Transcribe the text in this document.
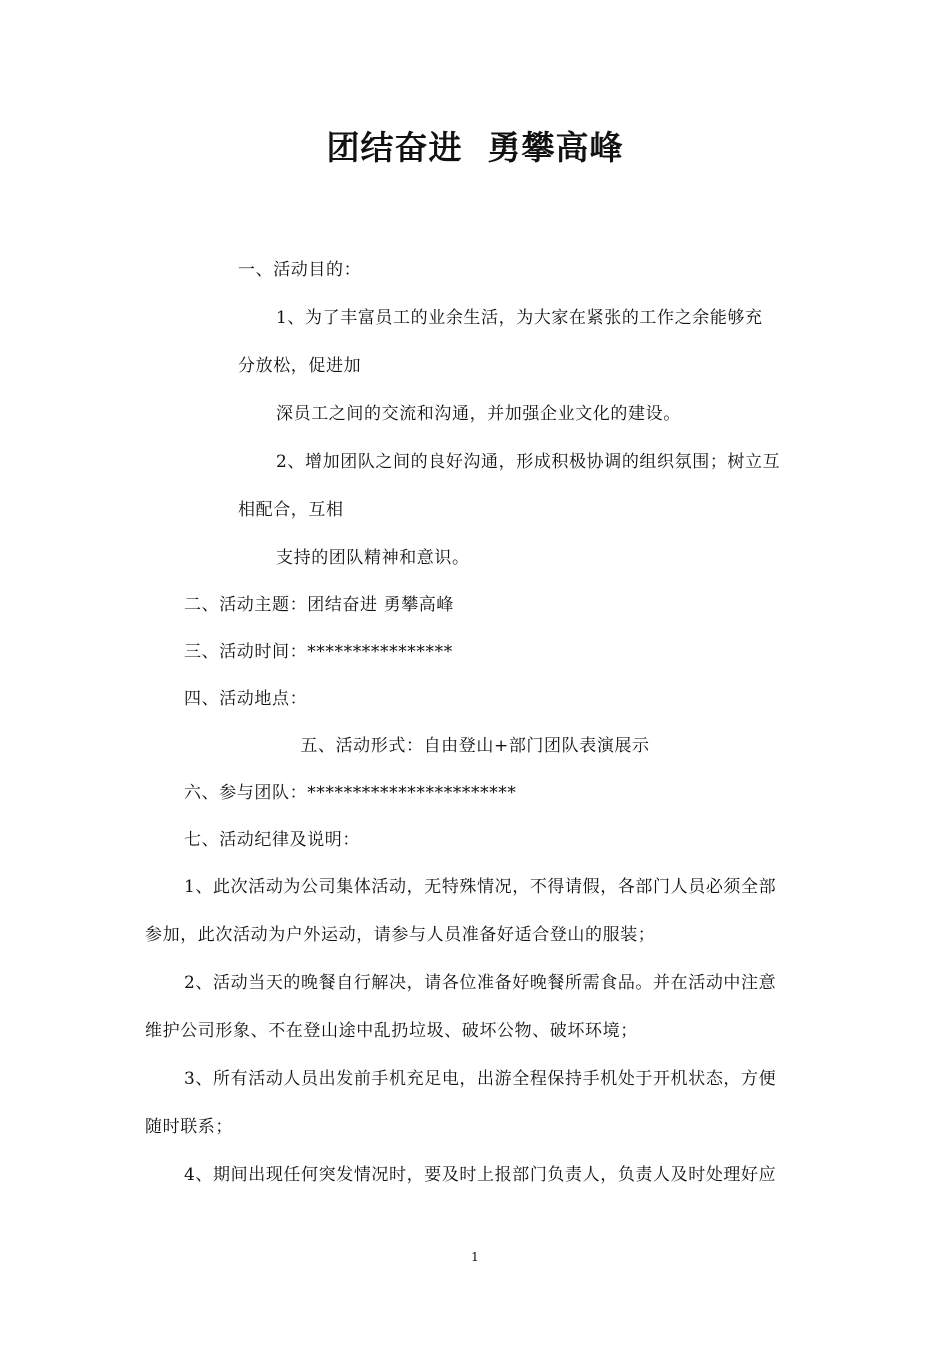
团结奋进  勇攀高峰
一、活动目的：
1、为了丰富员工的业余生活，为大家在紧张的工作之余能够充
分放松，促进加
深员工之间的交流和沟通，并加强企业文化的建设。
2、增加团队之间的良好沟通，形成积极协调的组织氛围；树立互
相配合，互相
支持的团队精神和意识。
二、活动主题：团结奋进 勇攀高峰
三、活动时间：****************
四、活动地点：
五、活动形式：自由登山+部门团队表演展示
六、参与团队：***********************
七、活动纪律及说明：
1、此次活动为公司集体活动，无特殊情况，不得请假，各部门人员必须全部
参加，此次活动为户外运动，请参与人员准备好适合登山的服装；
2、活动当天的晚餐自行解决，请各位准备好晚餐所需食品。并在活动中注意
维护公司形象、不在登山途中乱扔垃圾、破坏公物、破坏环境；
3、所有活动人员出发前手机充足电，出游全程保持手机处于开机状态，方便
随时联系；
4、期间出现任何突发情况时，要及时上报部门负责人，负责人及时处理好应
1
